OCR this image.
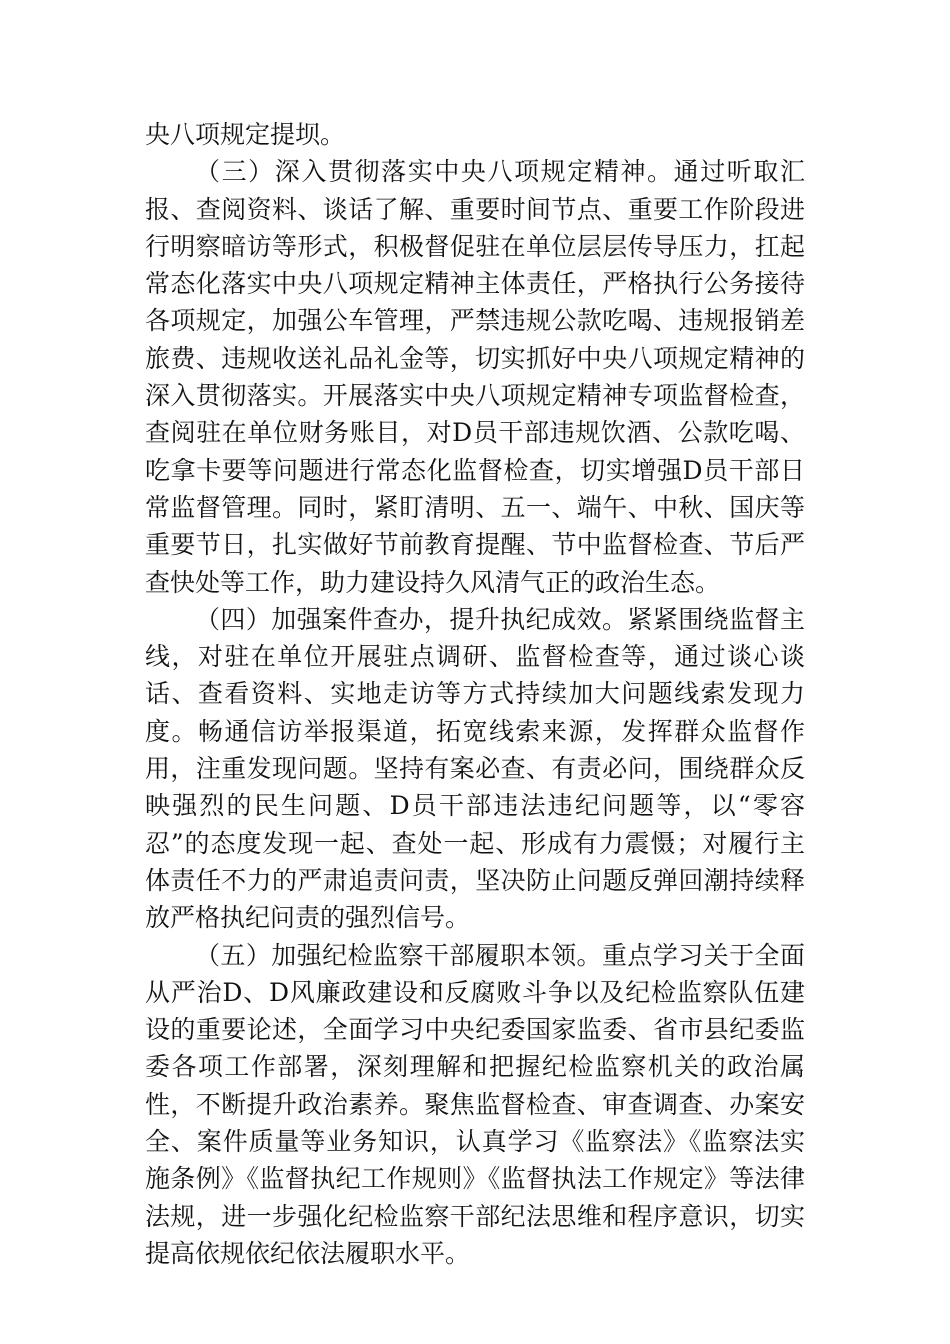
央八项规定提坝。

（三）深入贯彻落实中央八项规定精神。通过听取汇报、查阅资料、谈话了解、重要时间节点、重要工作阶段进行明察暗访等形式，积极督促驻在单位层层传导压力，扛起常态化落实中央八项规定精神主体责任，严格执行公务接待各项规定，加强公车管理，严禁违规公款吃喝、违规报销差旅费、违规收送礼品礼金等，切实抓好中央八项规定精神的深入贯彻落实。开展落实中央八项规定精神专项监督检查，查阅驻在单位财务账目，对D员干部违规饮酒、公款吃喝、吃拿卡要等问题进行常态化监督检查，切实增强D员干部日常监督管理。同时，紧盯清明、五一、端午、中秋、国庆等重要节日，扎实做好节前教育提醒、节中监督检查、节后严查快处等工作，助力建设持久风清气正的政治生态。

（四）加强案件查办，提升执纪成效。紧紧围绕监督主线，对驻在单位开展驻点调研、监督检查等，通过谈心谈话、查看资料、实地走访等方式持续加大问题线索发现力度。畅通信访举报渠道，拓宽线索来源，发挥群众监督作用，注重发现问题。坚持有案必查、有责必问，围绕群众反映强烈的民生问题、D员干部违法违纪问题等，以“零容忍”的态度发现一起、查处一起、形成有力震慑；对履行主体责任不力的严肃追责问责，坚决防止问题反弹回潮持续释放严格执纪问责的强烈信号。

（五）加强纪检监察干部履职本领。重点学习关于全面从严治D、D风廉政建设和反腐败斗争以及纪检监察队伍建设的重要论述，全面学习中央纪委国家监委、省市县纪委监委各项工作部署，深刻理解和把握纪检监察机关的政治属性，不断提升政治素养。聚焦监督检查、审查调查、办案安全、案件质量等业务知识，认真学习《监察法》《监察法实施条例》《监督执纪工作规则》《监督执法工作规定》等法律法规，进一步强化纪检监察干部纪法思维和程序意识，切实提高依规依纪依法履职水平。
